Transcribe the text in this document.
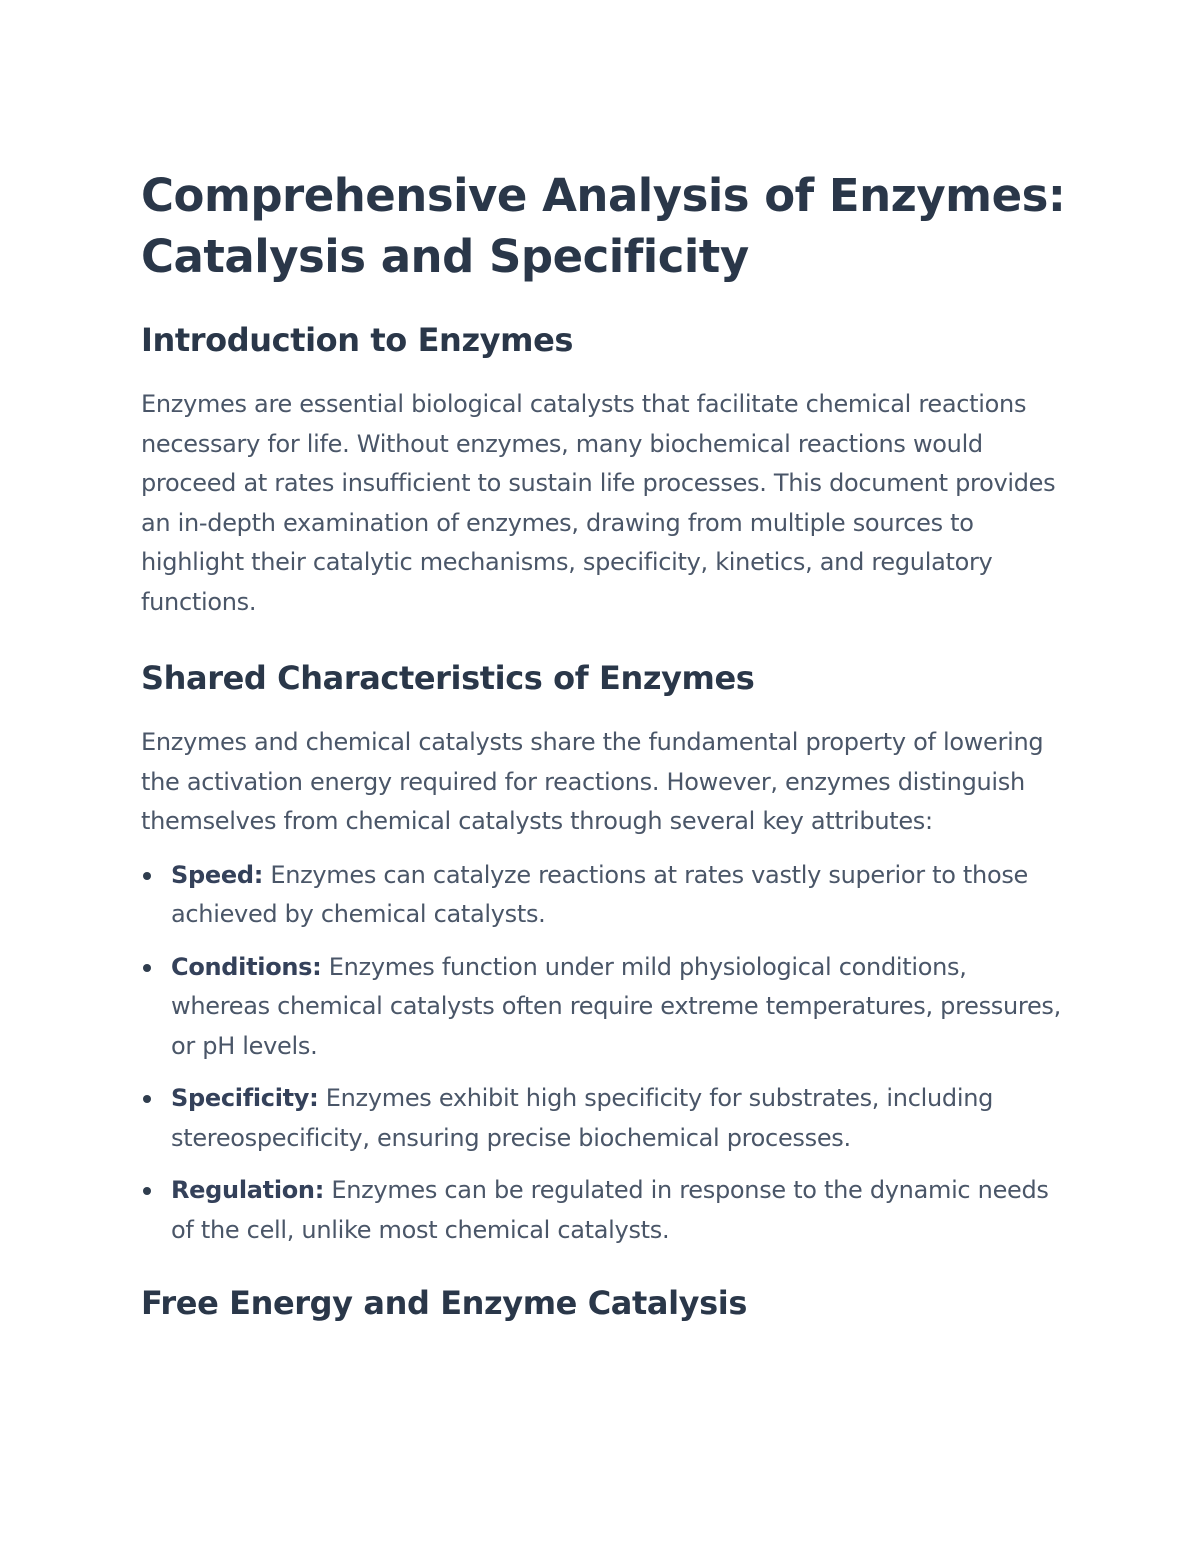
Comprehensive Analysis of Enzymes: Catalysis and Specificity
Introduction to Enzymes

Enzymes are essential biological catalysts that facilitate chemical reactions necessary for life. Without enzymes, many biochemical reactions would proceed at rates insufficient to sustain life processes. This document provides an in-depth examination of enzymes, drawing from multiple sources to highlight their catalytic mechanisms, specificity, kinetics, and regulatory functions.

Shared Characteristics of Enzymes

Enzymes and chemical catalysts share the fundamental property of lowering the activation energy required for reactions. However, enzymes distinguish themselves from chemical catalysts through several key attributes:

Speed: Enzymes can catalyze reactions at rates vastly superior to those achieved by chemical catalysts.
Conditions: Enzymes function under mild physiological conditions, whereas chemical catalysts often require extreme temperatures, pressures, or pH levels.
Specificity: Enzymes exhibit high specificity for substrates, including stereospecificity, ensuring precise biochemical processes.
Regulation: Enzymes can be regulated in response to the dynamic needs of the cell, unlike most chemical catalysts.
Free Energy and Enzyme Catalysis
